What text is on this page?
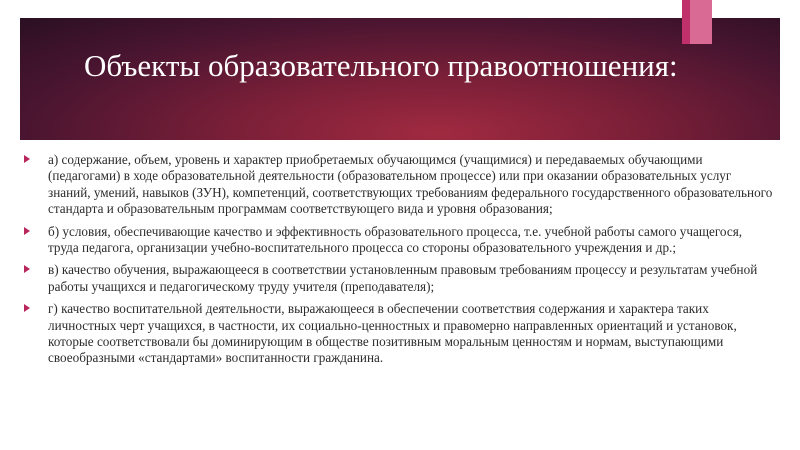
Объекты образовательного правоотношения:
а) содержание, объем, уровень и характер приобретаемых обучающимся (учащимися) и передаваемых обучающими (педагогами) в ходе образовательной деятельности (образовательном процессе) или при оказании образовательных услуг знаний, умений, навыков (ЗУН), компетенций, соответствующих требованиям федерального государственного образовательного стандарта и образовательным программам соответствующего вида и уровня образования;
б) условия, обеспечивающие качество и эффективность образовательного процесса, т.е. учебной работы самого учащегося, труда педагога, организации учебно-воспитательного процесса со стороны образовательного учреждения и др.;
в) качество обучения, выражающееся в соответствии установленным правовым требованиям процессу и результатам учебной работы учащихся и педагогическому труду учителя (преподавателя);
г) качество воспитательной деятельности, выражающееся в обеспечении соответствия содержания и характера таких личностных черт учащихся, в частности, их социально-ценностных и правомерно направленных ориентаций и установок, которые соответствовали бы доминирующим в обществе позитивным моральным ценностям и нормам, выступающими своеобразными «стандартами» воспитанности гражданина.
